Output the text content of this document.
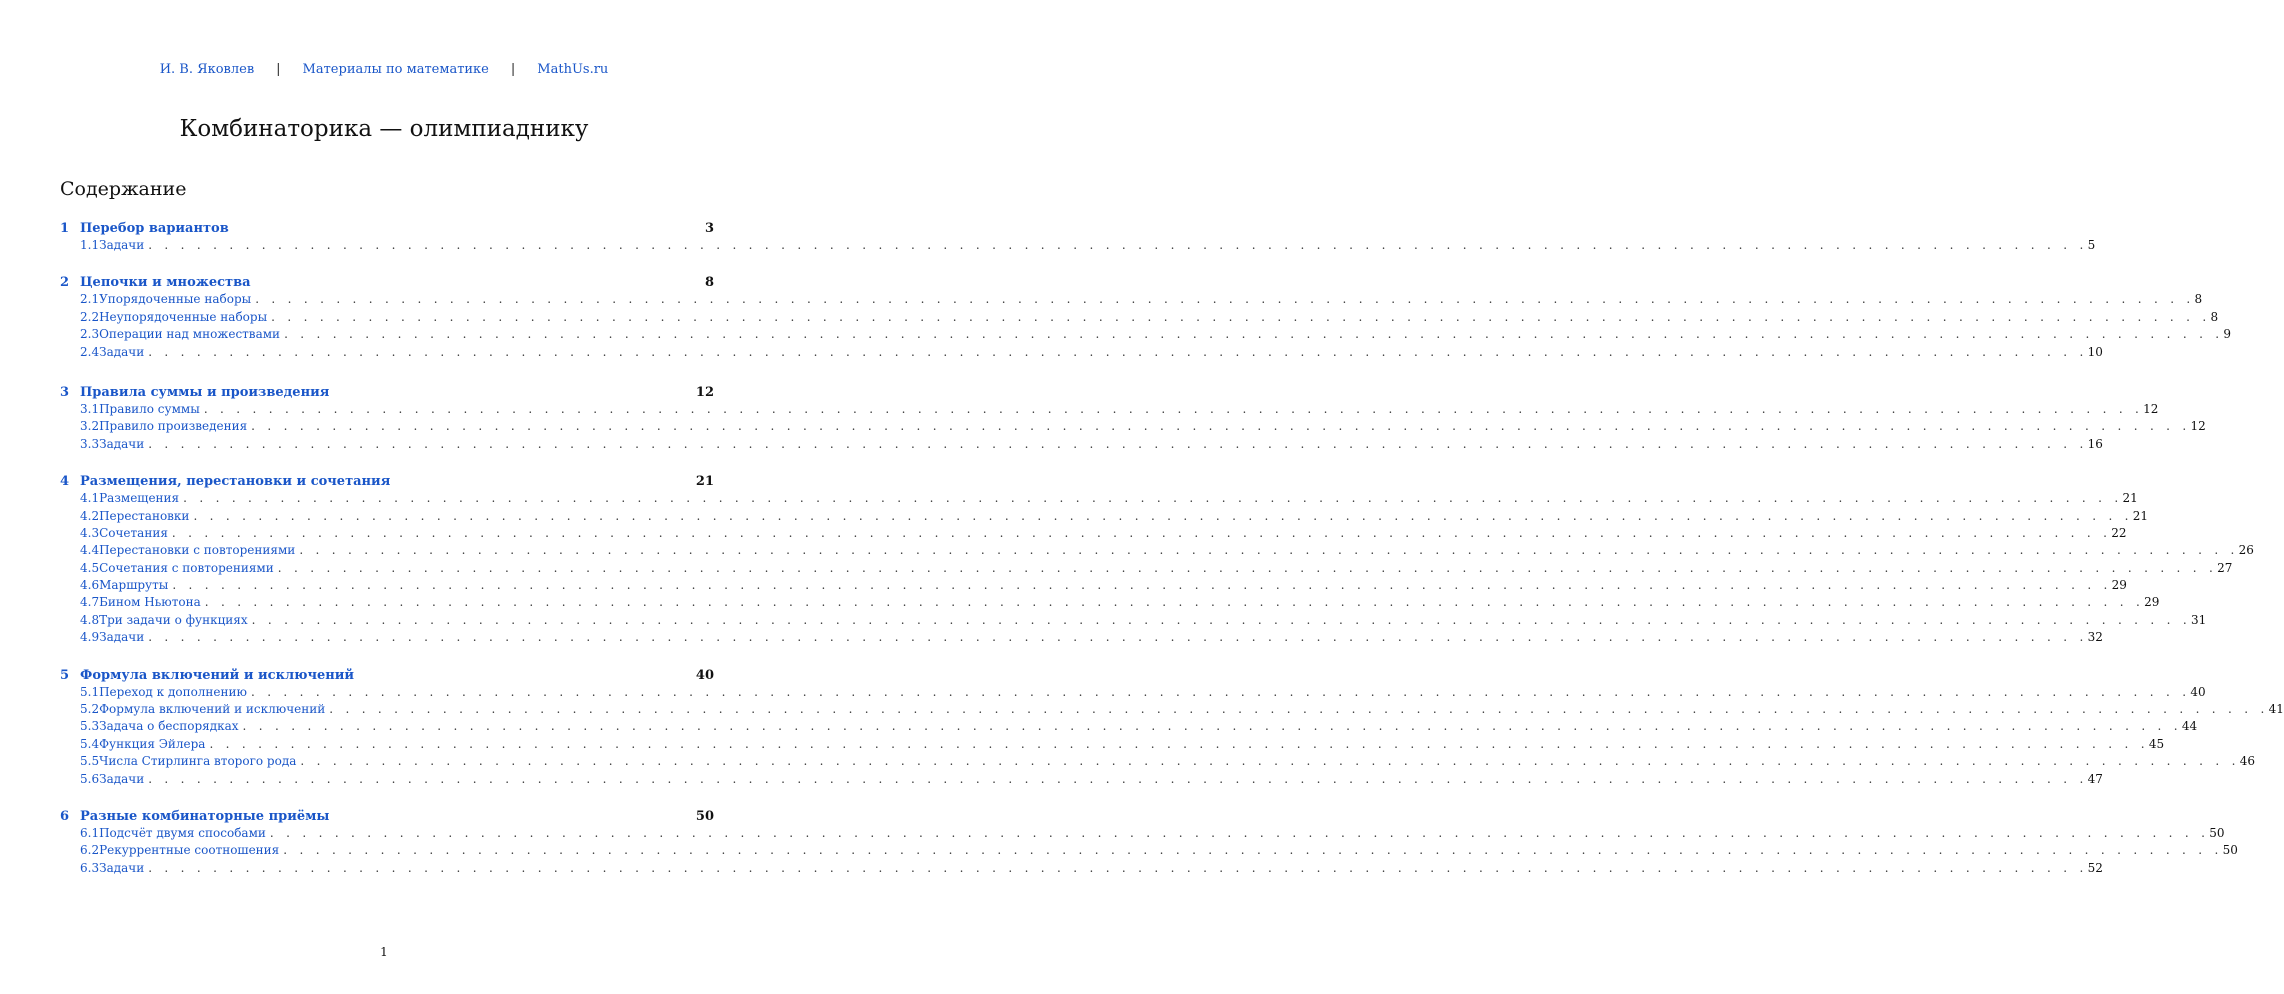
И. В. Яковлев | Материалы по математике | MathUs.ru
Комбинаторика — олимпиаднику
Содержание
1 Перебор вариантов	3
1.1 Задачи . . . . . . . . . . . . . . . . . . . . . . . . . . . . . . . . . . . . . . . . . . . . . . . . . . . . . . . . . . . . . . . . . . . . . . . . . . . . . . . . . . . . . . . . . . . . . . . . . . . . . . . . . . . . . . . . . . . . . . . . 5
2 Цепочки и множества	8
2.1 Упорядоченные наборы . . . . . . . . . . . . . . . . . . . . . . . . . . . . . . . . . . . . . . . . . . . . . . . . . . . . . . . . . . . . . . . . . . . . . . . . . . . . . . . . . . . . . . . . . . . . . . . . . . . . . . . . . . . . . . . . . . . . . . . . 8
2.2 Неупорядоченные наборы . . . . . . . . . . . . . . . . . . . . . . . . . . . . . . . . . . . . . . . . . . . . . . . . . . . . . . . . . . . . . . . . . . . . . . . . . . . . . . . . . . . . . . . . . . . . . . . . . . . . . . . . . . . . . . . . . . . . . . . . 8
2.3 Операции над множествами . . . . . . . . . . . . . . . . . . . . . . . . . . . . . . . . . . . . . . . . . . . . . . . . . . . . . . . . . . . . . . . . . . . . . . . . . . . . . . . . . . . . . . . . . . . . . . . . . . . . . . . . . . . . . . . . . . . . . . . . 9
2.4 Задачи . . . . . . . . . . . . . . . . . . . . . . . . . . . . . . . . . . . . . . . . . . . . . . . . . . . . . . . . . . . . . . . . . . . . . . . . . . . . . . . . . . . . . . . . . . . . . . . . . . . . . . . . . . . . . . . . . . . . . . . . 10
3 Правила суммы и произведения	12
3.1 Правило суммы . . . . . . . . . . . . . . . . . . . . . . . . . . . . . . . . . . . . . . . . . . . . . . . . . . . . . . . . . . . . . . . . . . . . . . . . . . . . . . . . . . . . . . . . . . . . . . . . . . . . . . . . . . . . . . . . . . . . . . . . 12
3.2 Правило произведения . . . . . . . . . . . . . . . . . . . . . . . . . . . . . . . . . . . . . . . . . . . . . . . . . . . . . . . . . . . . . . . . . . . . . . . . . . . . . . . . . . . . . . . . . . . . . . . . . . . . . . . . . . . . . . . . . . . . . . . . 12
3.3 Задачи . . . . . . . . . . . . . . . . . . . . . . . . . . . . . . . . . . . . . . . . . . . . . . . . . . . . . . . . . . . . . . . . . . . . . . . . . . . . . . . . . . . . . . . . . . . . . . . . . . . . . . . . . . . . . . . . . . . . . . . . 16
4 Размещения, перестановки и сочетания	21
4.1 Размещения . . . . . . . . . . . . . . . . . . . . . . . . . . . . . . . . . . . . . . . . . . . . . . . . . . . . . . . . . . . . . . . . . . . . . . . . . . . . . . . . . . . . . . . . . . . . . . . . . . . . . . . . . . . . . . . . . . . . . . . . 21
4.2 Перестановки . . . . . . . . . . . . . . . . . . . . . . . . . . . . . . . . . . . . . . . . . . . . . . . . . . . . . . . . . . . . . . . . . . . . . . . . . . . . . . . . . . . . . . . . . . . . . . . . . . . . . . . . . . . . . . . . . . . . . . . . 21
4.3 Сочетания . . . . . . . . . . . . . . . . . . . . . . . . . . . . . . . . . . . . . . . . . . . . . . . . . . . . . . . . . . . . . . . . . . . . . . . . . . . . . . . . . . . . . . . . . . . . . . . . . . . . . . . . . . . . . . . . . . . . . . . . 22
4.4 Перестановки с повторениями . . . . . . . . . . . . . . . . . . . . . . . . . . . . . . . . . . . . . . . . . . . . . . . . . . . . . . . . . . . . . . . . . . . . . . . . . . . . . . . . . . . . . . . . . . . . . . . . . . . . . . . . . . . . . . . . . . . . . . . . 26
4.5 Сочетания с повторениями . . . . . . . . . . . . . . . . . . . . . . . . . . . . . . . . . . . . . . . . . . . . . . . . . . . . . . . . . . . . . . . . . . . . . . . . . . . . . . . . . . . . . . . . . . . . . . . . . . . . . . . . . . . . . . . . . . . . . . . . 27
4.6 Маршруты . . . . . . . . . . . . . . . . . . . . . . . . . . . . . . . . . . . . . . . . . . . . . . . . . . . . . . . . . . . . . . . . . . . . . . . . . . . . . . . . . . . . . . . . . . . . . . . . . . . . . . . . . . . . . . . . . . . . . . . . 29
4.7 Бином Ньютона . . . . . . . . . . . . . . . . . . . . . . . . . . . . . . . . . . . . . . . . . . . . . . . . . . . . . . . . . . . . . . . . . . . . . . . . . . . . . . . . . . . . . . . . . . . . . . . . . . . . . . . . . . . . . . . . . . . . . . . . 29
4.8 Три задачи о функциях . . . . . . . . . . . . . . . . . . . . . . . . . . . . . . . . . . . . . . . . . . . . . . . . . . . . . . . . . . . . . . . . . . . . . . . . . . . . . . . . . . . . . . . . . . . . . . . . . . . . . . . . . . . . . . . . . . . . . . . . 31
4.9 Задачи . . . . . . . . . . . . . . . . . . . . . . . . . . . . . . . . . . . . . . . . . . . . . . . . . . . . . . . . . . . . . . . . . . . . . . . . . . . . . . . . . . . . . . . . . . . . . . . . . . . . . . . . . . . . . . . . . . . . . . . . 32
5 Формула включений и исключений	40
5.1 Переход к дополнению . . . . . . . . . . . . . . . . . . . . . . . . . . . . . . . . . . . . . . . . . . . . . . . . . . . . . . . . . . . . . . . . . . . . . . . . . . . . . . . . . . . . . . . . . . . . . . . . . . . . . . . . . . . . . . . . . . . . . . . . 40
5.2 Формула включений и исключений . . . . . . . . . . . . . . . . . . . . . . . . . . . . . . . . . . . . . . . . . . . . . . . . . . . . . . . . . . . . . . . . . . . . . . . . . . . . . . . . . . . . . . . . . . . . . . . . . . . . . . . . . . . . . . . . . . . . . . . . 41
5.3 Задача о беспорядках . . . . . . . . . . . . . . . . . . . . . . . . . . . . . . . . . . . . . . . . . . . . . . . . . . . . . . . . . . . . . . . . . . . . . . . . . . . . . . . . . . . . . . . . . . . . . . . . . . . . . . . . . . . . . . . . . . . . . . . . 44
5.4 Функция Эйлера . . . . . . . . . . . . . . . . . . . . . . . . . . . . . . . . . . . . . . . . . . . . . . . . . . . . . . . . . . . . . . . . . . . . . . . . . . . . . . . . . . . . . . . . . . . . . . . . . . . . . . . . . . . . . . . . . . . . . . . . 45
5.5 Числа Стирлинга второго рода . . . . . . . . . . . . . . . . . . . . . . . . . . . . . . . . . . . . . . . . . . . . . . . . . . . . . . . . . . . . . . . . . . . . . . . . . . . . . . . . . . . . . . . . . . . . . . . . . . . . . . . . . . . . . . . . . . . . . . . . 46
5.6 Задачи . . . . . . . . . . . . . . . . . . . . . . . . . . . . . . . . . . . . . . . . . . . . . . . . . . . . . . . . . . . . . . . . . . . . . . . . . . . . . . . . . . . . . . . . . . . . . . . . . . . . . . . . . . . . . . . . . . . . . . . . 47
6 Разные комбинаторные приёмы	50
6.1 Подсчёт двумя способами . . . . . . . . . . . . . . . . . . . . . . . . . . . . . . . . . . . . . . . . . . . . . . . . . . . . . . . . . . . . . . . . . . . . . . . . . . . . . . . . . . . . . . . . . . . . . . . . . . . . . . . . . . . . . . . . . . . . . . . . 50
6.2 Рекуррентные соотношения . . . . . . . . . . . . . . . . . . . . . . . . . . . . . . . . . . . . . . . . . . . . . . . . . . . . . . . . . . . . . . . . . . . . . . . . . . . . . . . . . . . . . . . . . . . . . . . . . . . . . . . . . . . . . . . . . . . . . . . . 50
6.3 Задачи . . . . . . . . . . . . . . . . . . . . . . . . . . . . . . . . . . . . . . . . . . . . . . . . . . . . . . . . . . . . . . . . . . . . . . . . . . . . . . . . . . . . . . . . . . . . . . . . . . . . . . . . . . . . . . . . . . . . . . . . 52
1
